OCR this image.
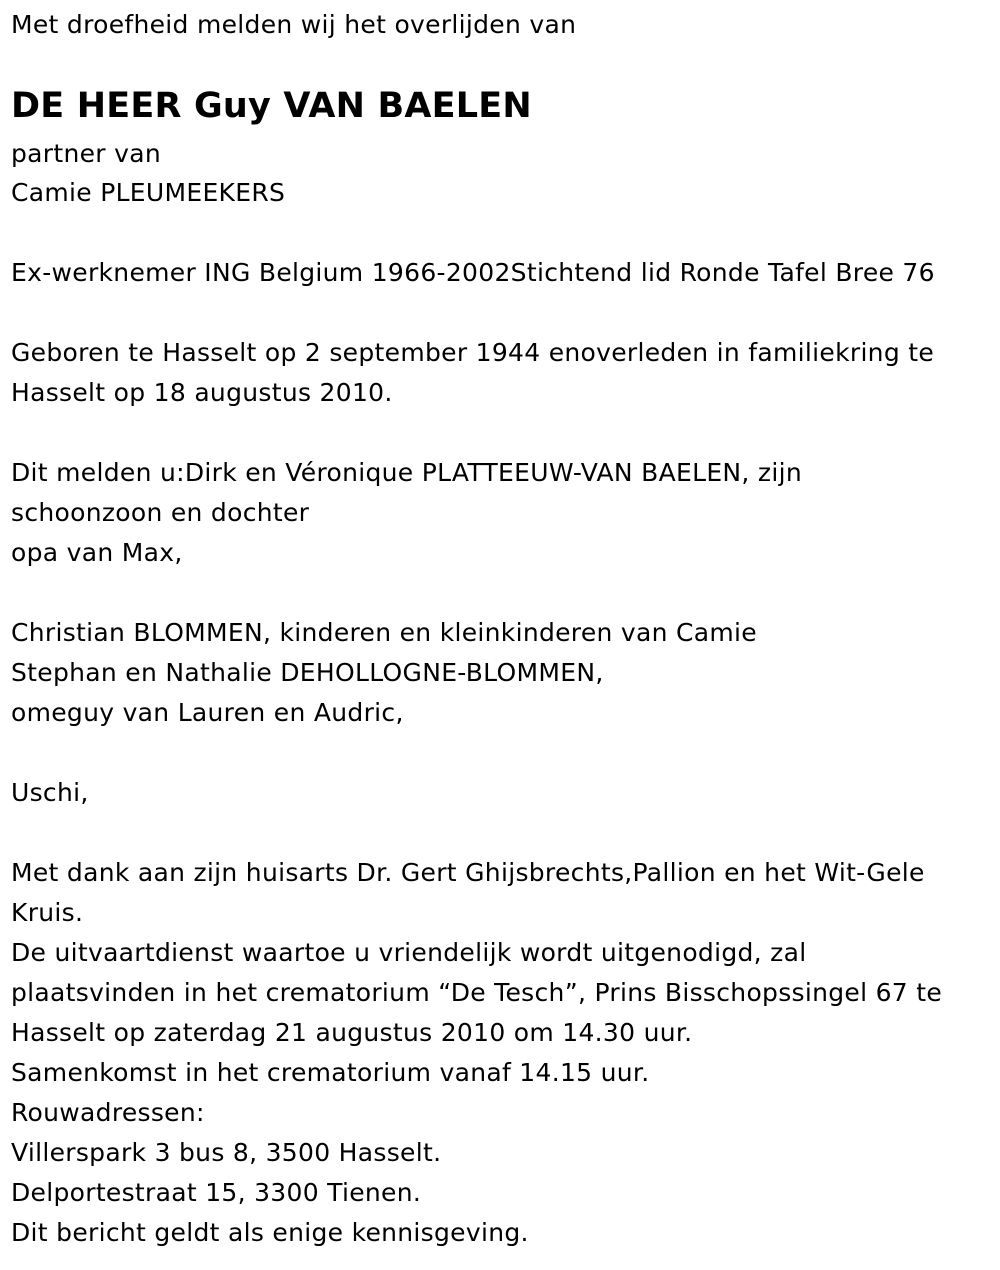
Met droefheid melden wij het overlijden van
DE HEER Guy VAN BAELEN
partner van
Camie PLEUMEEKERS
Ex-werknemer ING Belgium 1966-2002Stichtend lid Ronde Tafel Bree 76
Geboren te Hasselt op 2 september 1944 enoverleden in familiekring te
Hasselt op 18 augustus 2010.
Dit melden u:Dirk en Véronique PLATTEEUW-VAN BAELEN, zijn
schoonzoon en dochter
opa van Max,
Christian BLOMMEN, kinderen en kleinkinderen van Camie
Stephan en Nathalie DEHOLLOGNE-BLOMMEN,
omeguy van Lauren en Audric,
Uschi,
Met dank aan zijn huisarts Dr. Gert Ghijsbrechts,Pallion en het Wit-Gele
Kruis.
De uitvaartdienst waartoe u vriendelijk wordt uitgenodigd, zal
plaatsvinden in het crematorium “De Tesch”, Prins Bisschopssingel 67 te
Hasselt op zaterdag 21 augustus 2010 om 14.30 uur.
Samenkomst in het crematorium vanaf 14.15 uur.
Rouwadressen:
Villerspark 3 bus 8, 3500 Hasselt.
Delportestraat 15, 3300 Tienen.
Dit bericht geldt als enige kennisgeving.
